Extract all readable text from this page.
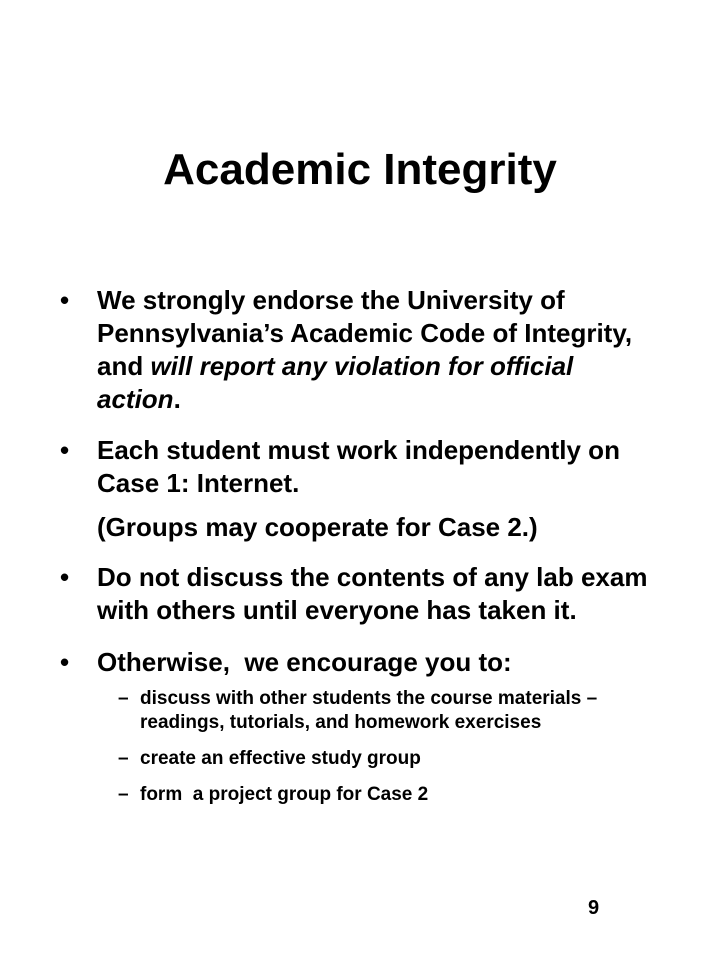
Academic Integrity
•	We strongly endorse the University of Pennsylvania’s Academic Code of Integrity, and will report any violation for official action.
•	Each student must work independently on Case 1: Internet.
(Groups may cooperate for Case 2.)
•	Do not discuss the contents of any lab exam with others until everyone has taken it.
•	Otherwise,  we encourage you to:
– discuss with other students the course materials – readings, tutorials, and homework exercises
– create an effective study group
– form  a project group for Case 2
9
